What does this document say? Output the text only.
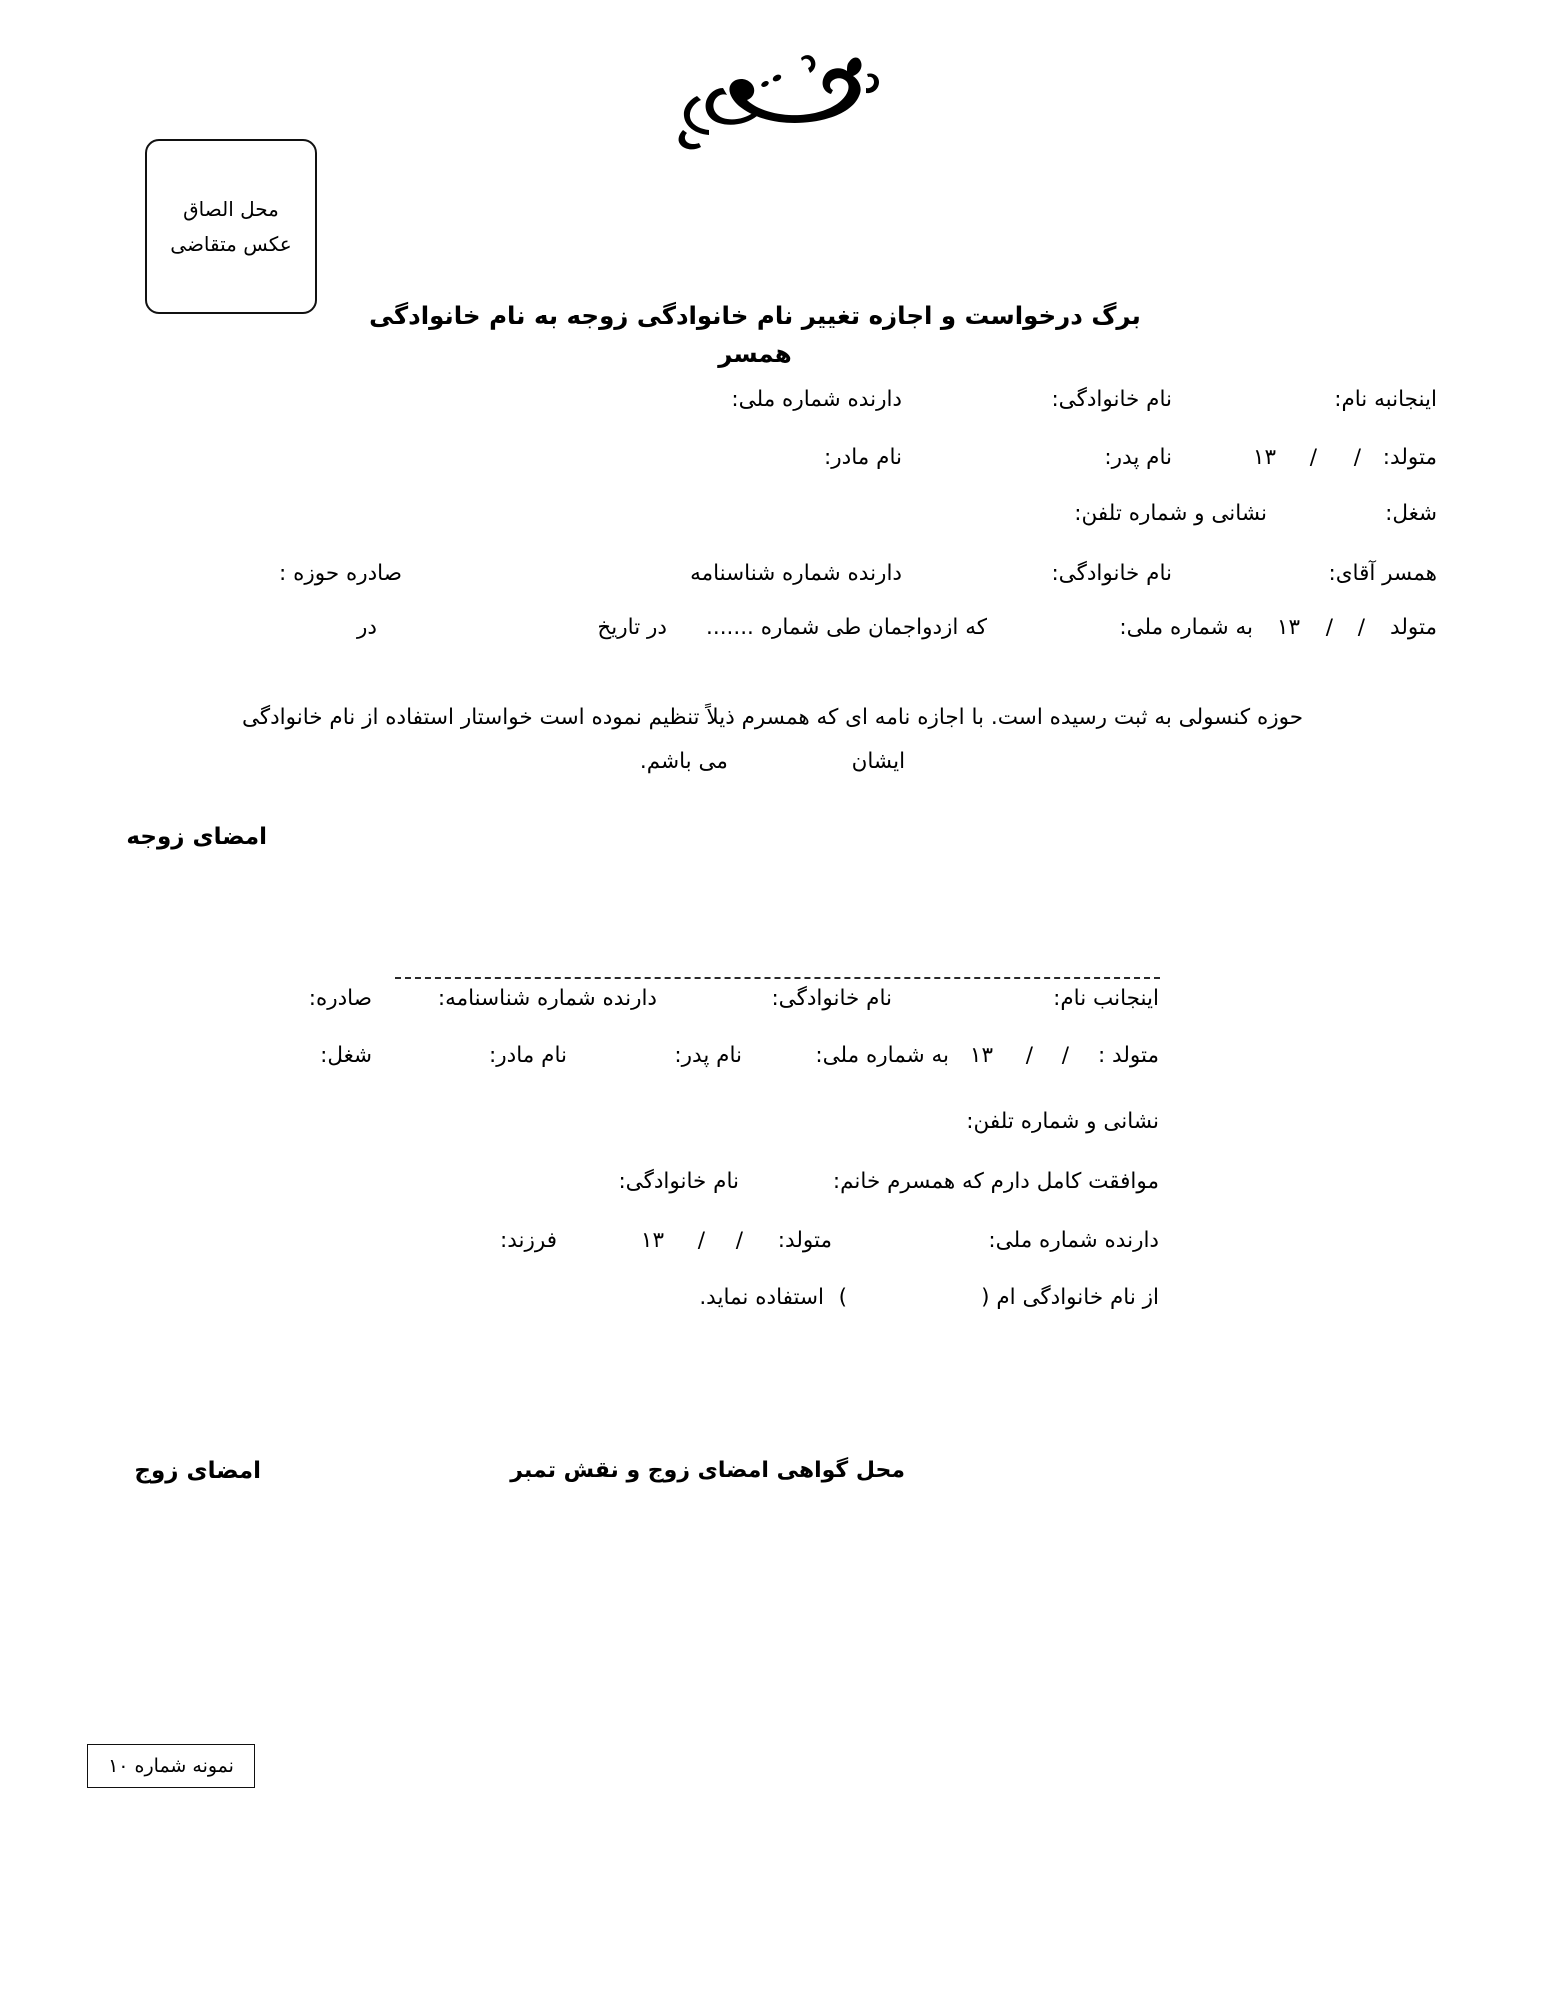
محل الصاق
عکس متقاضی
برگ درخواست و اجازه تغییر نام خانوادگی زوجه به نام خانوادگی همسر
اینجانبه نام:
نام خانوادگی:
دارنده شماره ملی:
متولد:
/
/
۱۳
نام پدر:
نام مادر:
شغل:
نشانی و شماره تلفن:
همسر آقای:
نام خانوادگی:
دارنده شماره شناسنامه
صادره حوزه :
متولد
/
/
۱۳
به شماره ملی:
که ازدواجمان طی شماره .......
در تاریخ
در
حوزه کنسولی به ثبت رسیده است. با اجازه نامه ای که همسرم ذیلاً تنظیم نموده است خواستار استفاده از نام خانوادگی
ایشان  می باشم.
امضای زوجه
اینجانب نام:
نام خانوادگی:
دارنده شماره شناسنامه:
صادره:
متولد :
/
/
۱۳
به شماره ملی:
نام پدر:
نام مادر:
شغل:
نشانی و شماره تلفن:
موافقت کامل دارم که همسرم خانم:
نام خانوادگی:
دارنده شماره ملی:
متولد:
/
/
۱۳
فرزند:
از نام خانوادگی ام (
)
استفاده نماید.
محل گواهی امضای زوج و نقش تمبر
امضای زوج
نمونه شماره ۱۰
